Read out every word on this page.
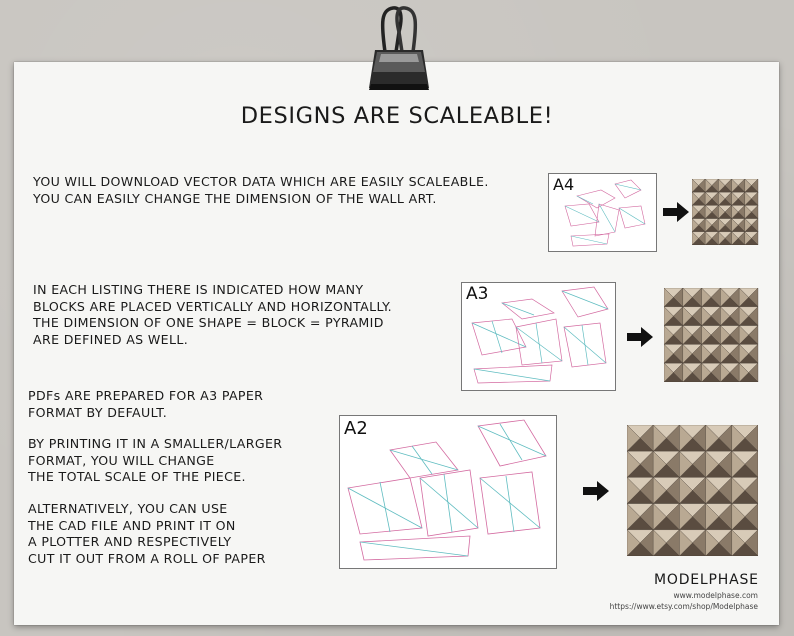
DESIGNS ARE SCALEABLE!
YOU WILL DOWNLOAD VECTOR DATA WHICH ARE EASILY SCALEABLE.
YOU CAN EASILY CHANGE THE DIMENSION OF THE WALL ART.
IN EACH LISTING THERE IS INDICATED HOW MANY
BLOCKS ARE PLACED VERTICALLY AND HORIZONTALLY.
THE DIMENSION OF ONE SHAPE = BLOCK = PYRAMID
ARE DEFINED AS WELL.
PDFs ARE PREPARED FOR A3 PAPER
FORMAT BY DEFAULT.
BY PRINTING IT IN A SMALLER/LARGER
FORMAT, YOU WILL CHANGE
THE TOTAL SCALE OF THE PIECE.
ALTERNATIVELY, YOU CAN USE
THE CAD FILE AND PRINT IT ON
A PLOTTER AND RESPECTIVELY
CUT IT OUT FROM A ROLL OF PAPER
A4
A3
A2
MODELPHASE
www.modelphase.com
https://www.etsy.com/shop/Modelphase
